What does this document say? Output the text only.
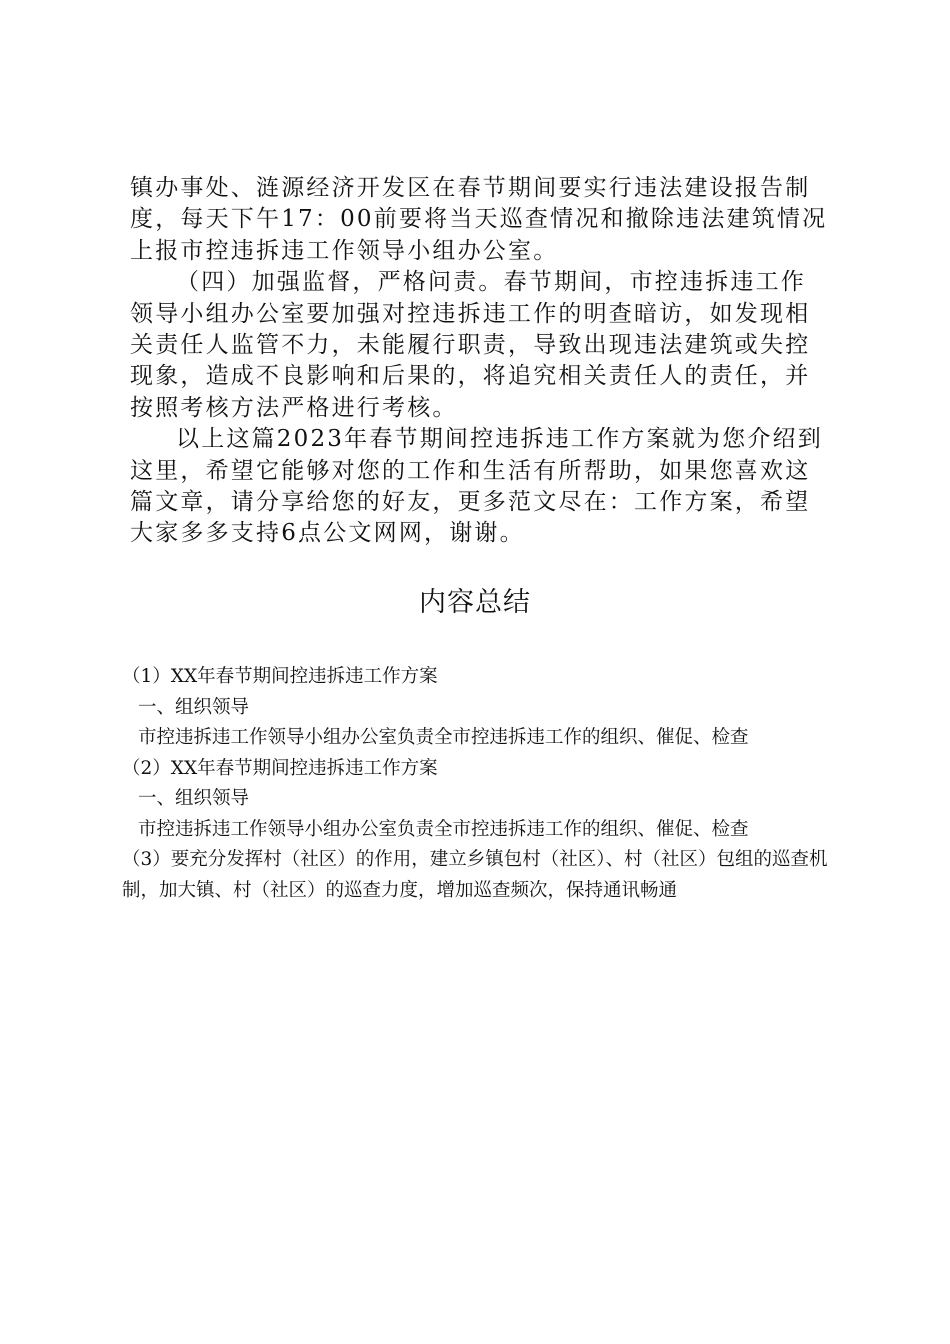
镇办事处、涟源经济开发区在春节期间要实行违法建设报告制
度，每天下午17：00前要将当天巡查情况和撤除违法建筑情况
上报市控违拆违工作领导小组办公室。

（四）加强监督，严格问责。春节期间，市控违拆违工作
领导小组办公室要加强对控违拆违工作的明查暗访，如发现相
关责任人监管不力，未能履行职责，导致出现违法建筑或失控
现象，造成不良影响和后果的，将追究相关责任人的责任，并
按照考核方法严格进行考核。

以上这篇2023年春节期间控违拆违工作方案就为您介绍到
这里，希望它能够对您的工作和生活有所帮助，如果您喜欢这
篇文章，请分享给您的好友，更多范文尽在：工作方案，希望
大家多多支持6点公文网网，谢谢。

内容总结

（1）XX年春节期间控违拆违工作方案

一、组织领导

市控违拆违工作领导小组办公室负责全市控违拆违工作的组织、催促、检查

（2）XX年春节期间控违拆违工作方案

一、组织领导

市控违拆违工作领导小组办公室负责全市控违拆违工作的组织、催促、检查

（3）要充分发挥村（社区）的作用，建立乡镇包村（社区）、村（社区）包组的巡查机制，加大镇、村（社区）的巡查力度，增加巡查频次，保持通讯畅通
